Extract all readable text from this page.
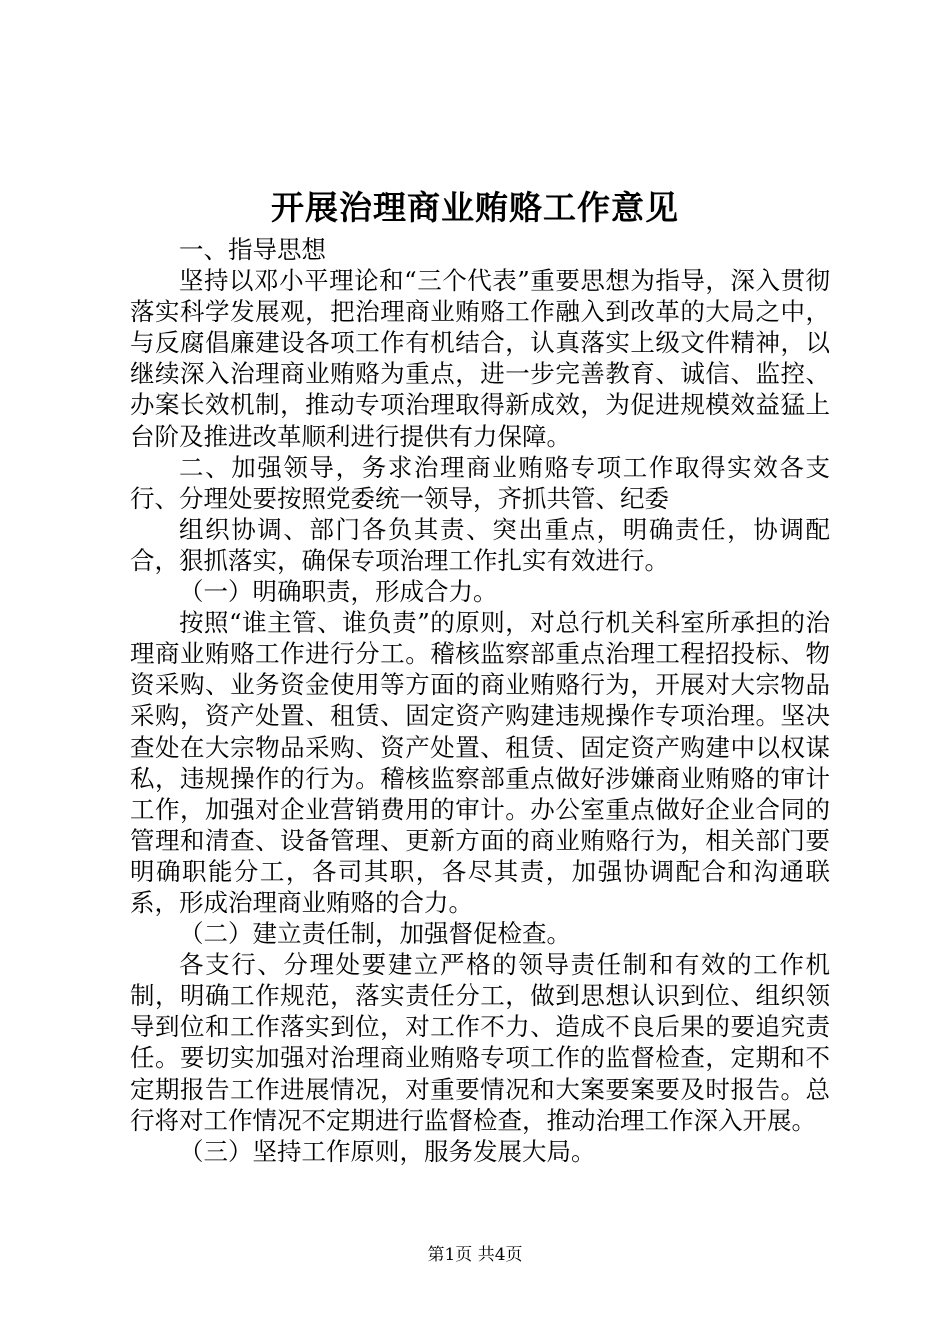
开展治理商业贿赂工作意见

一、指导思想

坚持以邓小平理论和“三个代表”重要思想为指导，深入贯彻落实科学发展观，把治理商业贿赂工作融入到改革的大局之中，与反腐倡廉建设各项工作有机结合，认真落实上级文件精神，以继续深入治理商业贿赂为重点，进一步完善教育、诚信、监控、办案长效机制，推动专项治理取得新成效，为促进规模效益猛上台阶及推进改革顺利进行提供有力保障。

二、加强领导，务求治理商业贿赂专项工作取得实效各支行、分理处要按照党委统一领导，齐抓共管、纪委

组织协调、部门各负其责、突出重点，明确责任，协调配合，狠抓落实，确保专项治理工作扎实有效进行。

（一）明确职责，形成合力。

按照“谁主管、谁负责”的原则，对总行机关科室所承担的治理商业贿赂工作进行分工。稽核监察部重点治理工程招投标、物资采购、业务资金使用等方面的商业贿赂行为，开展对大宗物品采购，资产处置、租赁、固定资产购建违规操作专项治理。坚决查处在大宗物品采购、资产处置、租赁、固定资产购建中以权谋私，违规操作的行为。稽核监察部重点做好涉嫌商业贿赂的审计工作，加强对企业营销费用的审计。办公室重点做好企业合同的管理和清查、设备管理、更新方面的商业贿赂行为，相关部门要明确职能分工，各司其职，各尽其责，加强协调配合和沟通联系，形成治理商业贿赂的合力。

（二）建立责任制，加强督促检查。

各支行、分理处要建立严格的领导责任制和有效的工作机制，明确工作规范，落实责任分工，做到思想认识到位、组织领导到位和工作落实到位，对工作不力、造成不良后果的要追究责任。要切实加强对治理商业贿赂专项工作的监督检查，定期和不定期报告工作进展情况，对重要情况和大案要案要及时报告。总行将对工作情况不定期进行监督检查，推动治理工作深入开展。

（三）坚持工作原则，服务发展大局。

第1页 共4页
